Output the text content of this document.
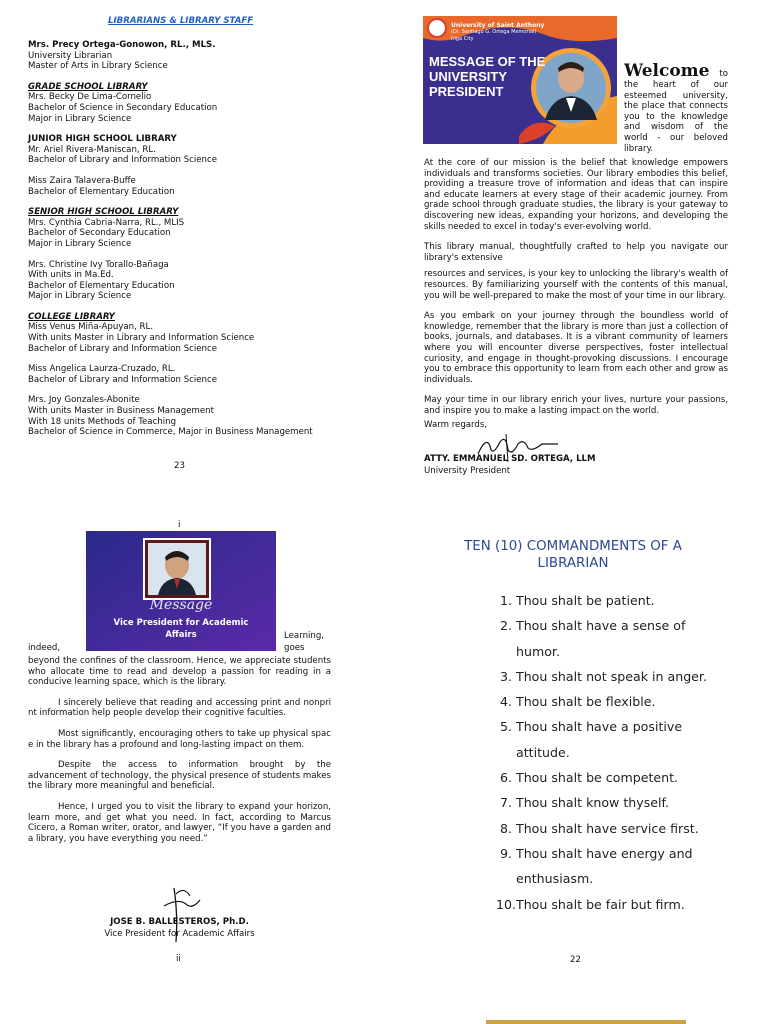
LIBRARIANS & LIBRARY STAFF
Mrs. Precy Ortega-Gonowon, RL., MLS.
University Librarian
Master of Arts in Library Science
GRADE SCHOOL LIBRARY
Mrs. Becky De Lima-Cornelio
Bachelor of Science in Secondary Education
Major in Library Science
JUNIOR HIGH SCHOOL LIBRARY
Mr. Ariel Rivera-Maniscan, RL.
Bachelor of Library and Information Science
Miss Zaira Talavera-Buffe
Bachelor of Elementary Education
SENIOR HIGH SCHOOL LIBRARY
Mrs. Cynthia Cabria-Narra, RL., MLIS
Bachelor of Secondary Education
Major in Library Science
Mrs. Christine Ivy Torallo-Bañaga
With units in Ma.Ed.
Bachelor of Elementary Education
Major in Library Science
COLLEGE LIBRARY
Miss Venus Miña-Apuyan, RL.
With units Master in Library and Information Science
Bachelor of Library and Information Science
Miss Angelica Laurza-Cruzado, RL.
Bachelor of Library and Information Science
Mrs. Joy Gonzales-Abonite
With units Master in Business Management
With 18 units Methods of Teaching
Bachelor of Science in Commerce, Major in Business Management
23
University of Saint Anthony
(Dr. Santiago G. Ortega Memorial)
Iriga City
MESSAGE OF THE
UNIVERSITY
PRESIDENT
Welcome to the heart of our esteemed university, the place that connects you to the knowledge and wisdom of the world - our beloved library.

At the core of our mission is the belief that knowledge empowers individuals and transforms societies. Our library embodies this belief, providing a treasure trove of information and ideas that can inspire and educate learners at every stage of their academic journey. From grade school through graduate studies, the library is your gateway to discovering new ideas, expanding your horizons, and developing the skills needed to excel in today's ever-evolving world.

This library manual, thoughtfully crafted to help you navigate our library's extensive

resources and services, is your key to unlocking the library's wealth of resources. By familiarizing yourself with the contents of this manual, you will be well-prepared to make the most of your time in our library.

As you embark on your journey through the boundless world of knowledge, remember that the library is more than just a collection of books, journals, and databases. It is a vibrant community of learners where you will encounter diverse perspectives, foster intellectual curiosity, and engage in thought-provoking discussions. I encourage you to embrace this opportunity to learn from each other and grow as individuals.

May your time in our library enrich your lives, nurture your passions, and inspire you to make a lasting impact on the world.

Warm regards,

ATTY. EMMANUEL SD. ORTEGA, LLM
University President
i
Message
Vice President for Academic
Affairs	Learning,
indeed,	goes

beyond the confines of the classroom. Hence, we appreciate students who allocate time to read and develop a passion for reading in a conducive learning space, which is the library.

I sincerely believe that reading and accessing print and nonpri nt information help people develop their cognitive faculties.

Most significantly, encouraging others to take up physical spac e in the library has a profound and long-lasting impact on them.

Despite the access to information brought by the advancement of technology, the physical presence of students makes the library more meaningful and beneficial.

Hence, I urged you to visit the library to expand your horizon, learn more, and get what you need. In fact, according to Marcus Cicero, a Roman writer, orator, and lawyer, “If you have a garden and a library, you have everything you need.”

JOSE B. BALLESTEROS, Ph.D.
Vice President for Academic Affairs
ii
TEN (10) COMMANDMENTS OF A LIBRARIAN
1. Thou shalt be patient.
2. Thou shalt have a sense of
humor.
3. Thou shalt not speak in anger.
4. Thou shalt be flexible.
5. Thou shalt have a positive
attitude.
6. Thou shalt be competent.
7. Thou shalt know thyself.
8. Thou shalt have service first.
9. Thou shalt have energy and
enthusiasm.
10. Thou shalt be fair but firm.
22
